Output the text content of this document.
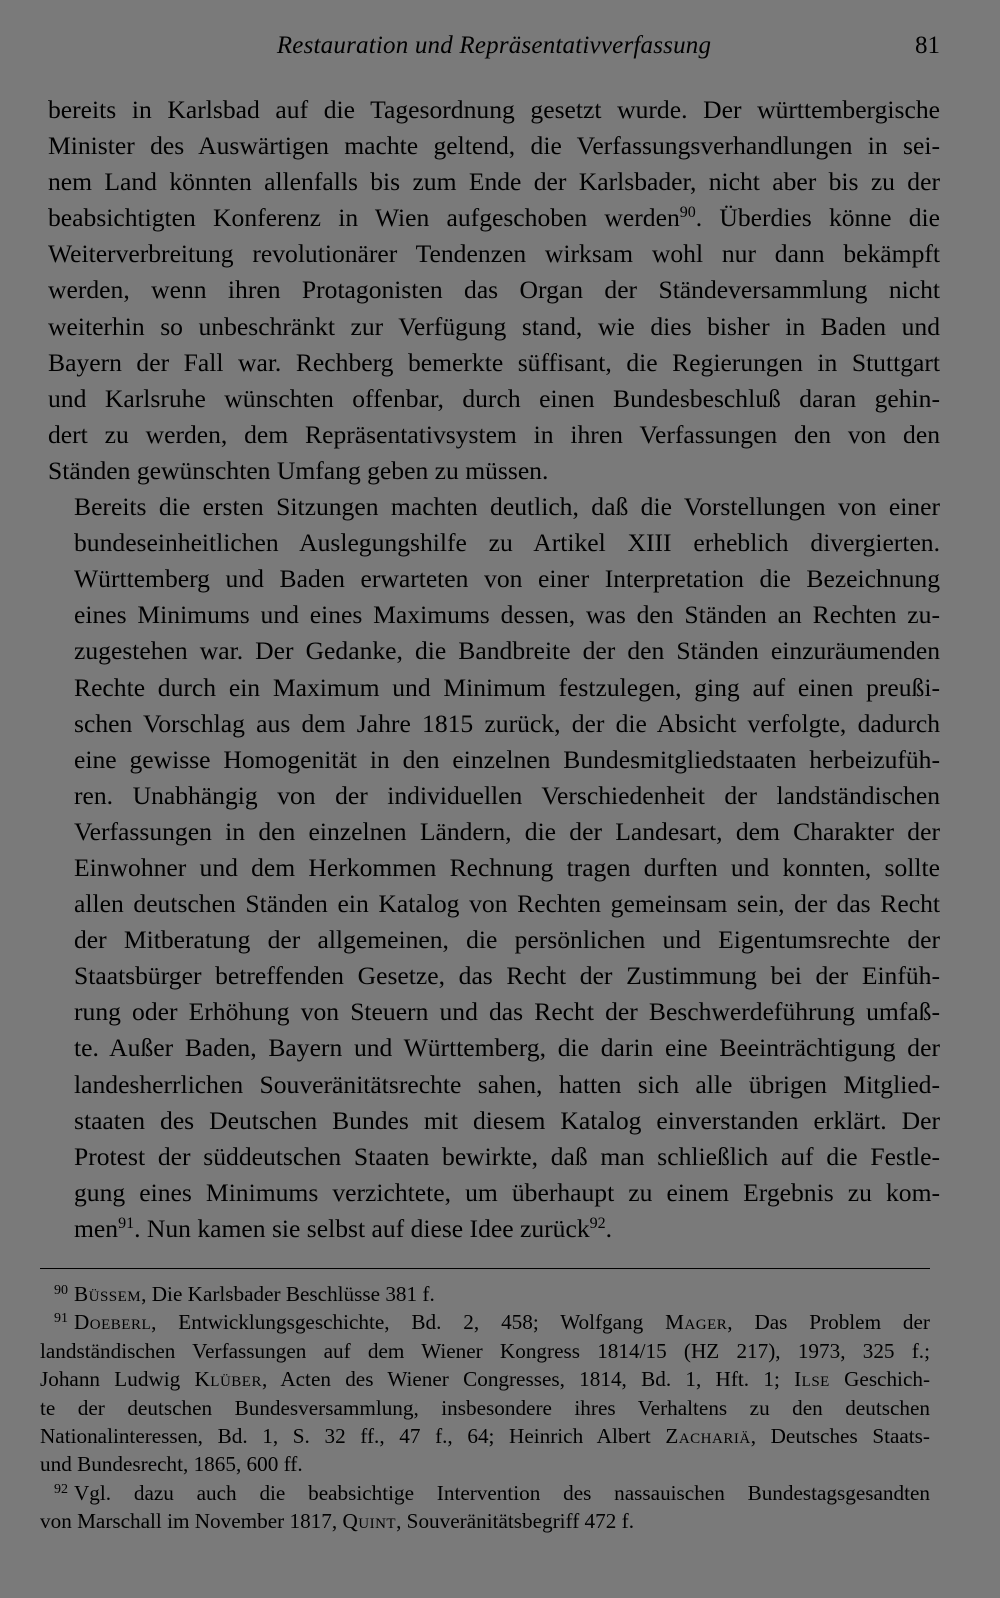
Restauration und Repräsentativverfassung	81

bereits in Karlsbad auf die Tagesordnung gesetzt wurde. Der württembergische
Minister des Auswärtigen machte geltend, die Verfassungsverhandlungen in sei-
nem Land könnten allenfalls bis zum Ende der Karlsbader, nicht aber bis zu der
beabsichtigten Konferenz in Wien aufgeschoben werden$^{90}$. Überdies könne die
Weiterverbreitung revolutionärer Tendenzen wirksam wohl nur dann bekämpft
werden, wenn ihren Protagonisten das Organ der Ständeversammlung nicht
weiterhin so unbeschränkt zur Verfügung stand, wie dies bisher in Baden und
Bayern der Fall war. Rechberg bemerkte süffisant, die Regierungen in Stuttgart
und Karlsruhe wünschten offenbar, durch einen Bundesbeschluß daran gehin-
dert zu werden, dem Repräsentativsystem in ihren Verfassungen den von den
Ständen gewünschten Umfang geben zu müssen.

Bereits die ersten Sitzungen machten deutlich, daß die Vorstellungen von einer
bundeseinheitlichen Auslegungshilfe zu Artikel XIII erheblich divergierten.
Württemberg und Baden erwarteten von einer Interpretation die Bezeichnung
eines Minimums und eines Maximums dessen, was den Ständen an Rechten zu-
zugestehen war. Der Gedanke, die Bandbreite der den Ständen einzuräumenden
Rechte durch ein Maximum und Minimum festzulegen, ging auf einen preußi-
schen Vorschlag aus dem Jahre 1815 zurück, der die Absicht verfolgte, dadurch
eine gewisse Homogenität in den einzelnen Bundesmitgliedstaaten herbeizufüh-
ren. Unabhängig von der individuellen Verschiedenheit der landständischen
Verfassungen in den einzelnen Ländern, die der Landesart, dem Charakter der
Einwohner und dem Herkommen Rechnung tragen durften und konnten, sollte
allen deutschen Ständen ein Katalog von Rechten gemeinsam sein, der das Recht
der Mitberatung der allgemeinen, die persönlichen und Eigentumsrechte der
Staatsbürger betreffenden Gesetze, das Recht der Zustimmung bei der Einfüh-
rung oder Erhöhung von Steuern und das Recht der Beschwerdeführung umfaß-
te. Außer Baden, Bayern und Württemberg, die darin eine Beeinträchtigung der
landesherrlichen Souveränitätsrechte sahen, hatten sich alle übrigen Mitglied-
staaten des Deutschen Bundes mit diesem Katalog einverstanden erklärt. Der
Protest der süddeutschen Staaten bewirkte, daß man schließlich auf die Festle-
gung eines Minimums verzichtete, um überhaupt zu einem Ergebnis zu kom-
men$^{91}$. Nun kamen sie selbst auf diese Idee zurück$^{92}$.

$^{90}$ Büssem, Die Karlsbader Beschlüsse 381 f.

$^{91}$ Doeberl, Entwicklungsgeschichte, Bd. 2, 458; Wolfgang Mager, Das Problem der
landständischen Verfassungen auf dem Wiener Kongress 1814/15 (HZ 217), 1973, 325 f.;
Johann Ludwig Klüber, Acten des Wiener Congresses, 1814, Bd. 1, Hft. 1; Ilse Geschich-
te der deutschen Bundesversammlung, insbesondere ihres Verhaltens zu den deutschen
Nationalinteressen, Bd. 1, S. 32 ff., 47 f., 64; Heinrich Albert Zachariä, Deutsches Staats-
und Bundesrecht, 1865, 600 ff.

$^{92}$ Vgl. dazu auch die beabsichtige Intervention des nassauischen Bundestagsgesandten
von Marschall im November 1817, Quint, Souveränitätsbegriff 472 f.
